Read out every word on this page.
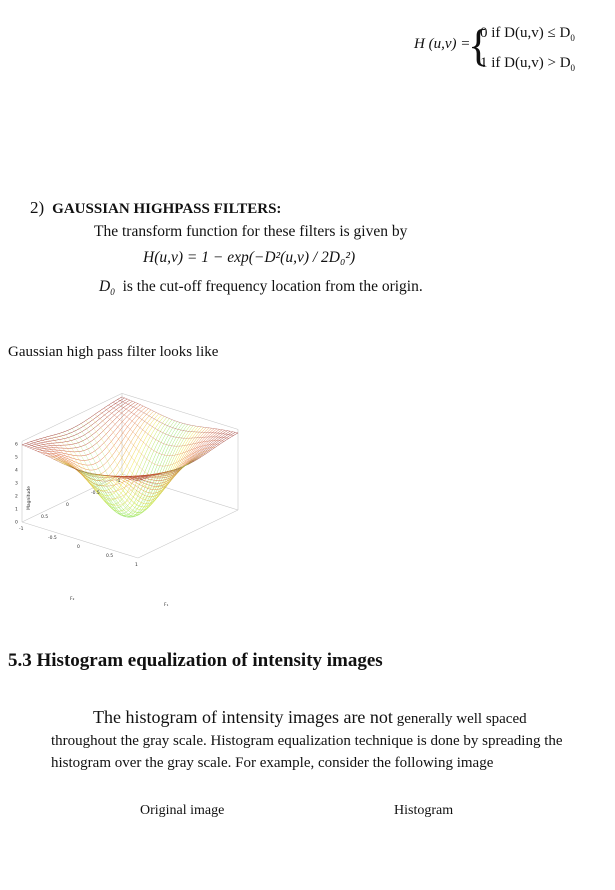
H (u,v) =
{
0 if $D(u,v) \le D_0$
1 if $D(u,v) > D_0$
2) GAUSSIAN HIGHPASS FILTERS:
The transform function for these filters is given by
H(u,v) = 1 − exp(−D²(u,v) / 2D₀²)
$D_0$ is the cut-off frequency location from the origin.
Gaussian high pass filter looks like
6
5
4
3
2
1
0
Magnitude
1
0.5
0
-0.5
-1
0.5
0
-0.5
-1
F₂
F₁
5.3 Histogram equalization of intensity images
The histogram of intensity images are not generally well spaced throughout the gray scale. Histogram equalization technique is done by spreading the histogram over the gray scale. For example, consider the following image
Original image	Histogram
